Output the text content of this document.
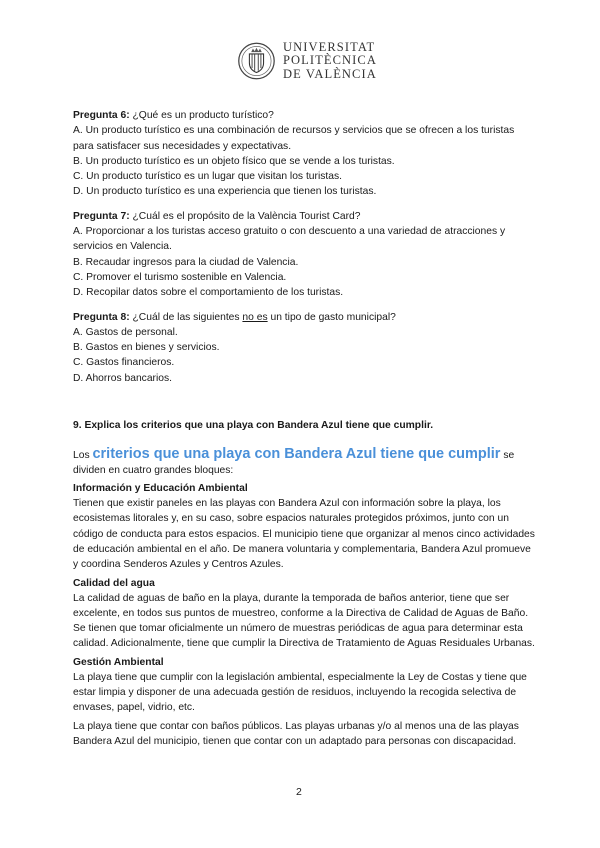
UNIVERSITAT
POLITÈCNICA
DE VALÈNCIA

Pregunta 6: ¿Qué es un producto turístico?

A. Un producto turístico es una combinación de recursos y servicios que se ofrecen a los turistas para satisfacer sus necesidades y expectativas.

B. Un producto turístico es un objeto físico que se vende a los turistas.

C. Un producto turístico es un lugar que visitan los turistas.

D. Un producto turístico es una experiencia que tienen los turistas.

Pregunta 7: ¿Cuál es el propósito de la València Tourist Card?

A. Proporcionar a los turistas acceso gratuito o con descuento a una variedad de atracciones y servicios en Valencia.

B. Recaudar ingresos para la ciudad de Valencia.

C. Promover el turismo sostenible en Valencia.

D. Recopilar datos sobre el comportamiento de los turistas.

Pregunta 8: ¿Cuál de las siguientes no es un tipo de gasto municipal?

A. Gastos de personal.

B. Gastos en bienes y servicios.

C. Gastos financieros.

D. Ahorros bancarios.

9. Explica los criterios que una playa con Bandera Azul tiene que cumplir.
Los criterios que una playa con Bandera Azul tiene que cumplir se dividen en cuatro grandes bloques:
Información y Educación Ambiental

Tienen que existir paneles en las playas con Bandera Azul con información sobre la playa, los ecosistemas litorales y, en su caso, sobre espacios naturales protegidos próximos, junto con un código de conducta para estos espacios. El municipio tiene que organizar al menos cinco actividades de educación ambiental en el año. De manera voluntaria y complementaria, Bandera Azul promueve y coordina Senderos Azules y Centros Azules.

Calidad del agua

La calidad de aguas de baño en la playa, durante la temporada de baños anterior, tiene que ser excelente, en todos sus puntos de muestreo, conforme a la Directiva de Calidad de Aguas de Baño. Se tienen que tomar oficialmente un número de muestras periódicas de agua para determinar esta calidad. Adicionalmente, tiene que cumplir la Directiva de Tratamiento de Aguas Residuales Urbanas.

Gestión Ambiental

La playa tiene que cumplir con la legislación ambiental, especialmente la Ley de Costas y tiene que estar limpia y disponer de una adecuada gestión de residuos, incluyendo la recogida selectiva de envases, papel, vidrio, etc.

La playa tiene que contar con baños públicos. Las playas urbanas y/o al menos una de las playas Bandera Azul del municipio, tienen que contar con un adaptado para personas con discapacidad.

2
